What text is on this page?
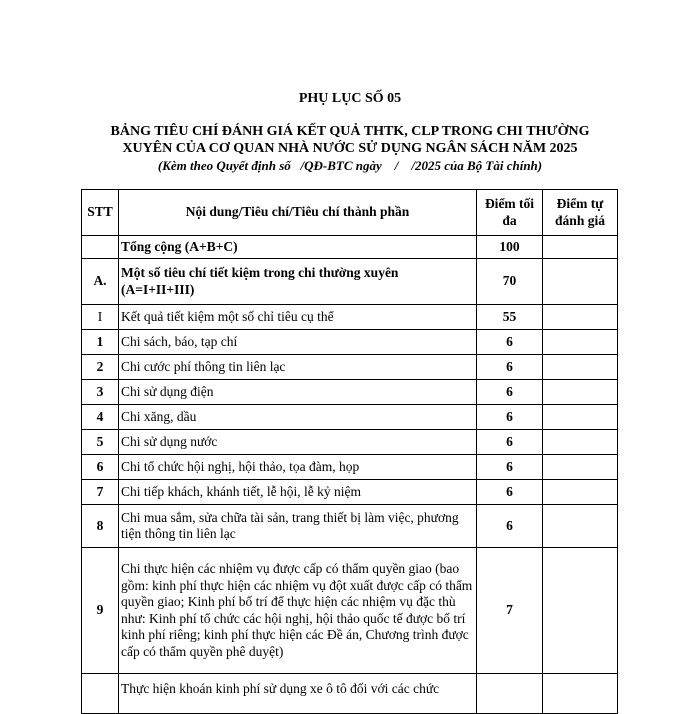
PHỤ LỤC SỐ 05
BẢNG TIÊU CHÍ ĐÁNH GIÁ KẾT QUẢ THTK, CLP TRONG CHI THƯỜNG
XUYÊN CỦA CƠ QUAN NHÀ NƯỚC SỬ DỤNG NGÂN SÁCH NĂM 2025
(Kèm theo Quyết định số   /QĐ-BTC ngày    /    /2025 của Bộ Tài chính)
STT	Nội dung/Tiêu chí/Tiêu chí thành phần	Điểm tối đa	Điểm tự đánh giá
	Tổng cộng (A+B+C)	100	
A.	Một số tiêu chí tiết kiệm trong chi thường xuyên (A=I+II+III)	70	
I	Kết quả tiết kiệm một số chỉ tiêu cụ thể	55	
1	Chi sách, báo, tạp chí	6	
2	Chi cước phí thông tin liên lạc	6	
3	Chi sử dụng điện	6	
4	Chi xăng, dầu	6	
5	Chi sử dụng nước	6	
6	Chi tổ chức hội nghị, hội thảo, tọa đàm, họp	6	
7	Chi tiếp khách, khánh tiết, lễ hội, lễ kỷ niệm	6	
8	Chi mua sắm, sửa chữa tài sản, trang thiết bị làm việc, phương tiện thông tin liên lạc	6	
9	Chi thực hiện các nhiệm vụ được cấp có thẩm quyền giao (bao gồm: kinh phí thực hiện các nhiệm vụ đột xuất được cấp có thẩm quyền giao; Kinh phí bố trí để thực hiện các nhiệm vụ đặc thù như: Kinh phí tổ chức các hội nghị, hội thảo quốc tế được bố trí kinh phí riêng; kinh phí thực hiện các Đề án, Chương trình được cấp có thẩm quyền phê duyệt)	7	
	Thực hiện khoán kinh phí sử dụng xe ô tô đối với các chức		
